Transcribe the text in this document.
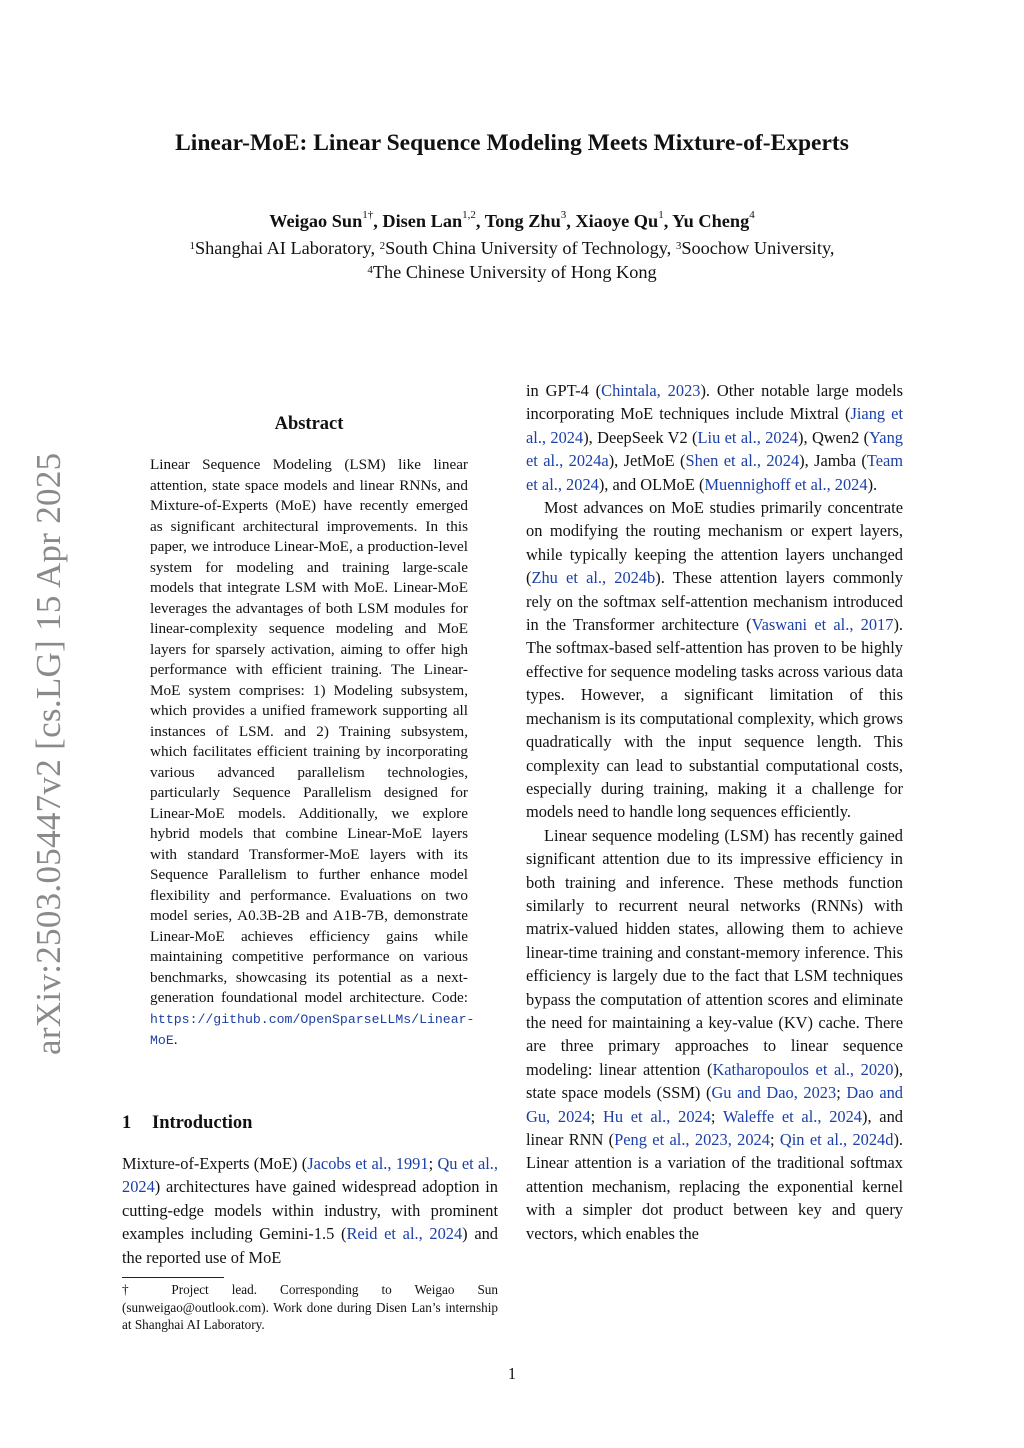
Linear-MoE: Linear Sequence Modeling Meets Mixture-of-Experts
Weigao Sun$^{1\dagger}$, Disen Lan$^{1,2}$, Tong Zhu$^3$, Xiaoye Qu$^1$, Yu Cheng$^4$
$^1$Shanghai AI Laboratory, $^2$South China University of Technology, $^3$Soochow University,
$^4$The Chinese University of Hong Kong
arXiv:2503.05447v2 [cs.LG] 15 Apr 2025
Abstract
Linear Sequence Modeling (LSM) like linear attention, state space models and linear RNNs, and Mixture-of-Experts (MoE) have recently emerged as significant architectural improvements. In this paper, we introduce Linear-MoE, a production-level system for modeling and training large-scale models that integrate LSM with MoE. Linear-MoE leverages the advantages of both LSM modules for linear-complexity sequence modeling and MoE layers for sparsely activation, aiming to offer high performance with efficient training. The Linear-MoE system comprises: 1) Modeling subsystem, which provides a unified framework supporting all instances of LSM. and 2) Training subsystem, which facilitates efficient training by incorporating various advanced parallelism technologies, particularly Sequence Parallelism designed for Linear-MoE models. Additionally, we explore hybrid models that combine Linear-MoE layers with standard Transformer-MoE layers with its Sequence Parallelism to further enhance model flexibility and performance. Evaluations on two model series, A0.3B-2B and A1B-7B, demonstrate Linear-MoE achieves efficiency gains while maintaining competitive performance on various benchmarks, showcasing its potential as a next-generation foundational model architecture. Code: https://github.com/OpenSparseLLMs/Linear-MoE.
1 Introduction

Mixture-of-Experts (MoE) (Jacobs et al., 1991; Qu et al., 2024) architectures have gained widespread adoption in cutting-edge models within industry, with prominent examples including Gemini-1.5 (Reid et al., 2024) and the reported use of MoE

† Project lead. Corresponding to Weigao Sun (sunweigao@outlook.com). Work done during Disen Lan’s internship at Shanghai AI Laboratory.

in GPT-4 (Chintala, 2023). Other notable large models incorporating MoE techniques include Mixtral (Jiang et al., 2024), DeepSeek V2 (Liu et al., 2024), Qwen2 (Yang et al., 2024a), JetMoE (Shen et al., 2024), Jamba (Team et al., 2024), and OLMoE (Muennighoff et al., 2024).

Most advances on MoE studies primarily concentrate on modifying the routing mechanism or expert layers, while typically keeping the attention layers unchanged (Zhu et al., 2024b). These attention layers commonly rely on the softmax self-attention mechanism introduced in the Transformer architecture (Vaswani et al., 2017). The softmax-based self-attention has proven to be highly effective for sequence modeling tasks across various data types. However, a significant limitation of this mechanism is its computational complexity, which grows quadratically with the input sequence length. This complexity can lead to substantial computational costs, especially during training, making it a challenge for models need to handle long sequences efficiently.

Linear sequence modeling (LSM) has recently gained significant attention due to its impressive efficiency in both training and inference. These methods function similarly to recurrent neural networks (RNNs) with matrix-valued hidden states, allowing them to achieve linear-time training and constant-memory inference. This efficiency is largely due to the fact that LSM techniques bypass the computation of attention scores and eliminate the need for maintaining a key-value (KV) cache. There are three primary approaches to linear sequence modeling: linear attention (Katharopoulos et al., 2020), state space models (SSM) (Gu and Dao, 2023; Dao and Gu, 2024; Hu et al., 2024; Waleffe et al., 2024), and linear RNN (Peng et al., 2023, 2024; Qin et al., 2024d). Linear attention is a variation of the traditional softmax attention mechanism, replacing the exponential kernel with a simpler dot product between key and query vectors, which enables the

1
